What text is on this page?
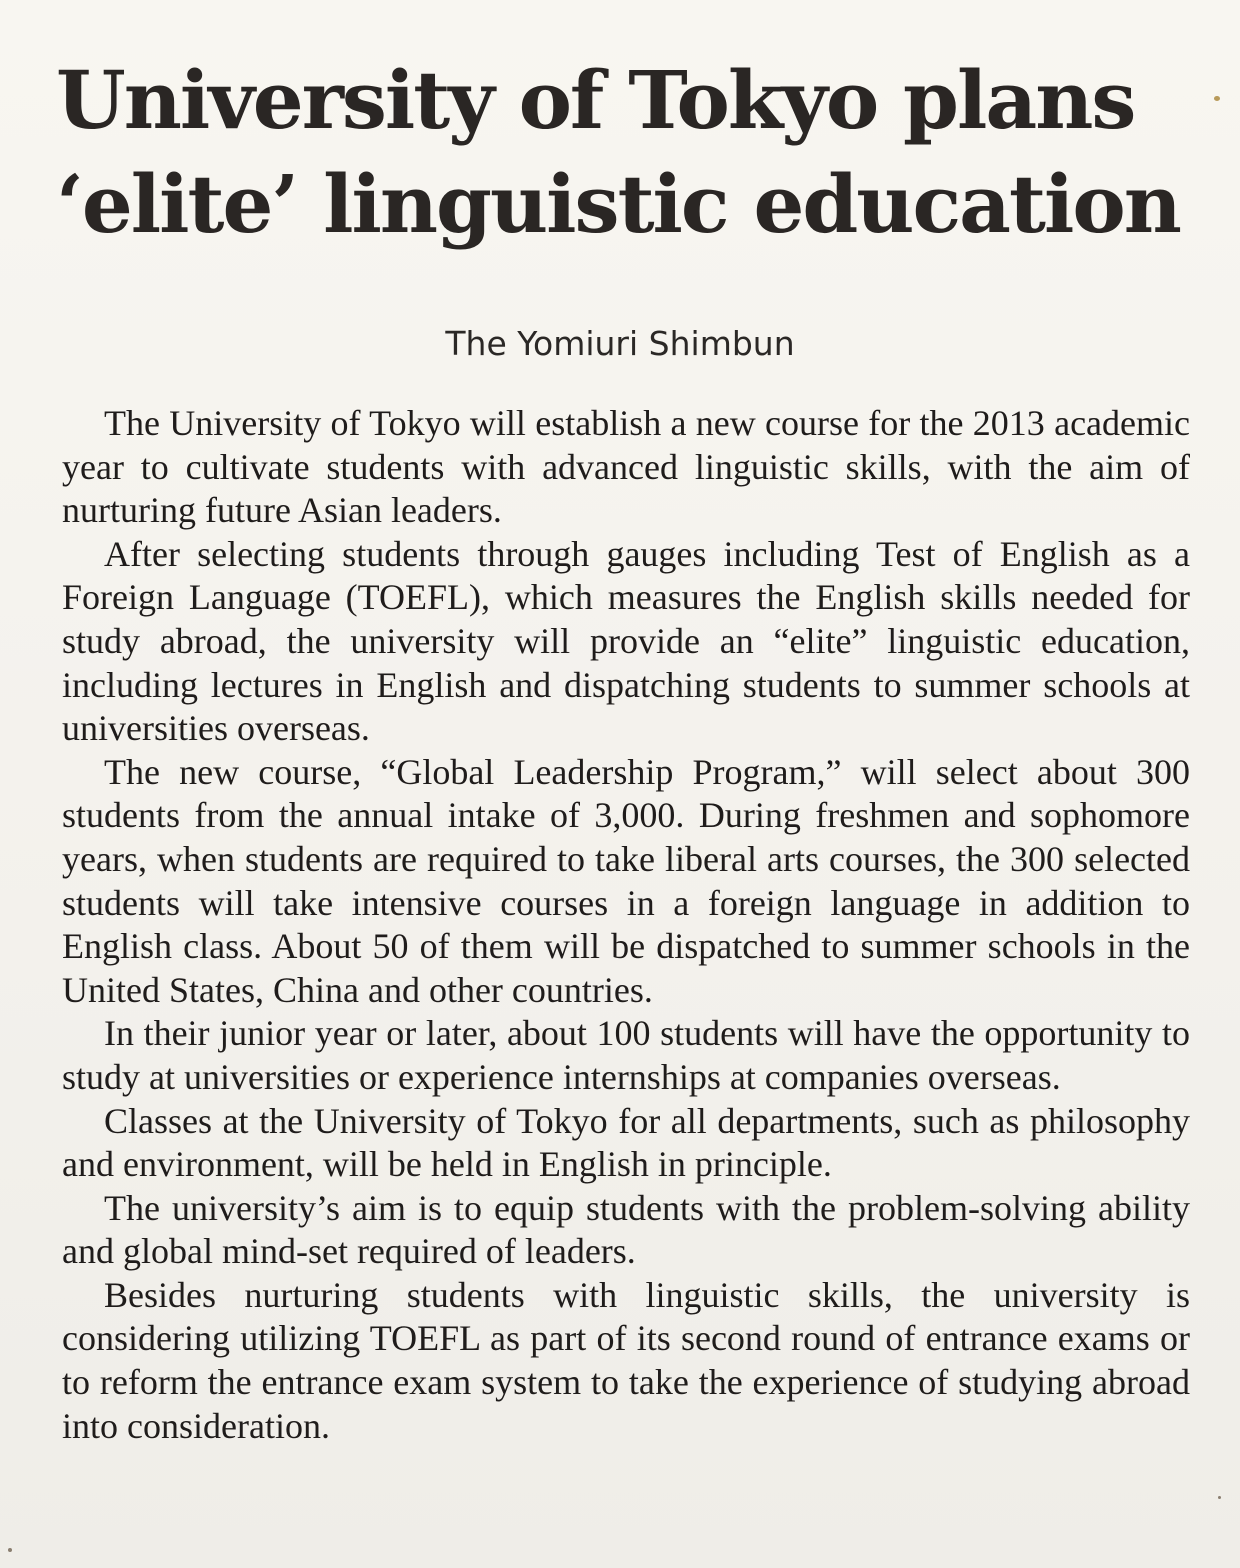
University of Tokyo plans
‘elite’ linguistic education
The Yomiuri Shimbun

The University of Tokyo will establish a new course for the 2013 academic year to cultivate students with advanced linguistic skills, with the aim of nurturing future Asian leaders.

After selecting students through gauges including Test of English as a Foreign Language (TOEFL), which measures the English skills needed for study abroad, the university will provide an “elite” linguistic education, including lectures in English and dispatching students to summer schools at universities overseas.

The new course, “Global Leadership Program,” will select about 300 students from the annual intake of 3,000. During freshmen and sophomore years, when students are required to take liberal arts courses, the 300 selected students will take intensive courses in a foreign language in addition to English class. About 50 of them will be dispatched to summer schools in the United States, China and other countries.

In their junior year or later, about 100 students will have the opportunity to study at universities or experience internships at companies overseas.

Classes at the University of Tokyo for all departments, such as philosophy and environment, will be held in English in principle.

The university’s aim is to equip students with the problem-solving ability and global mind-set required of leaders.

Besides nurturing students with linguistic skills, the university is considering utilizing TOEFL as part of its second round of entrance exams or to reform the entrance exam system to take the experience of studying abroad into consideration.
